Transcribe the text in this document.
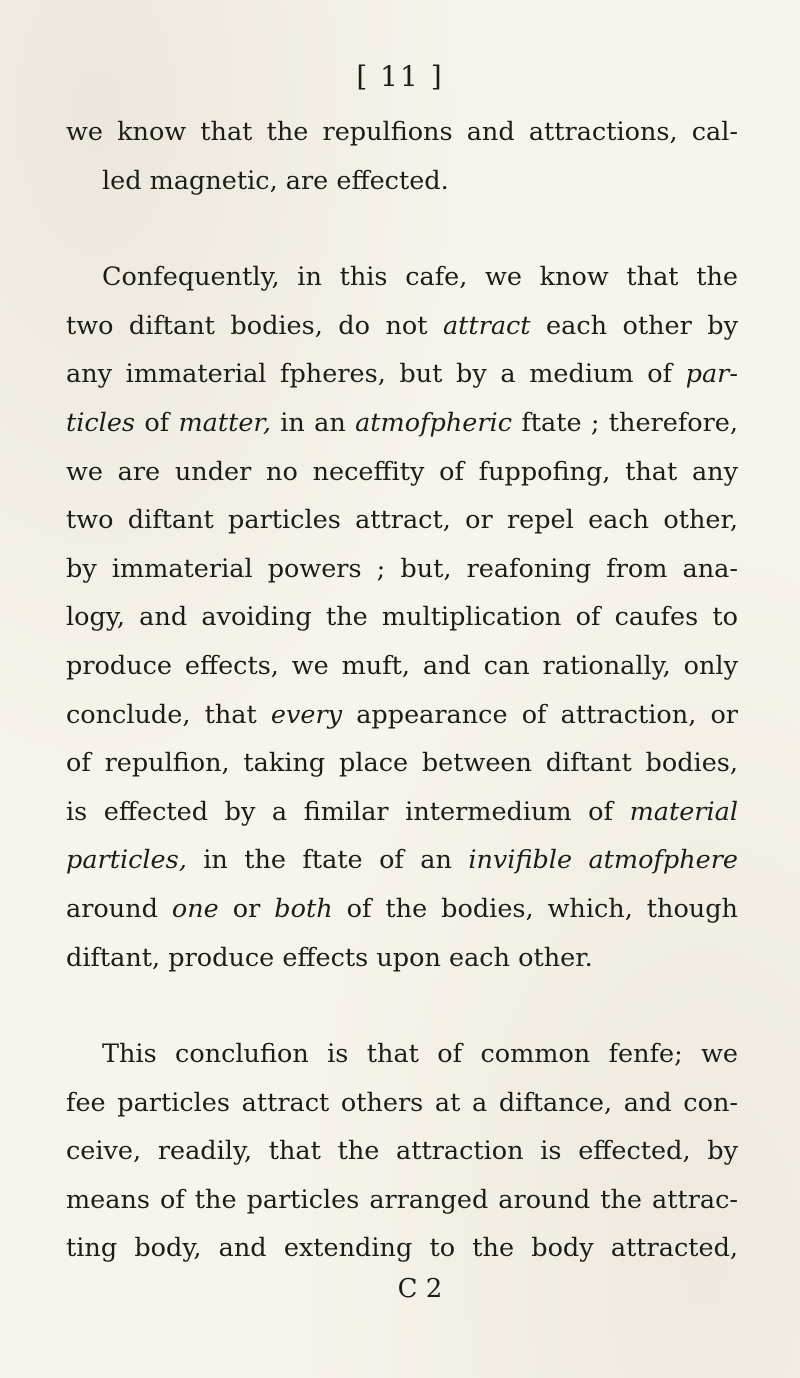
[ 11 ]
we know that the repulfions and attractions, cal-
led magnetic, are effected.
Confequently, in this cafe, we know that the
two diftant bodies, do not attract each other by
any immaterial fpheres, but by a medium of par-
ticles of matter, in an atmofpheric ftate ; therefore,
we are under no neceffity of fuppofing, that any
two diftant particles attract, or repel each other,
by immaterial powers ; but, reafoning from ana-
logy, and avoiding the multiplication of caufes to
produce effects, we muft, and can rationally, only
conclude, that every appearance of attraction, or
of repulfion, taking place between diftant bodies,
is effected by a fimilar intermedium of material
particles, in the ftate of an invifible atmofphere
around one or both of the bodies, which, though
diftant, produce effects upon each other.
This conclufion is that of common fenfe; we
fee particles attract others at a diftance, and con-
ceive, readily, that the attraction is effected, by
means of the particles arranged around the attrac-
ting body, and extending to the body attracted,
C 2
